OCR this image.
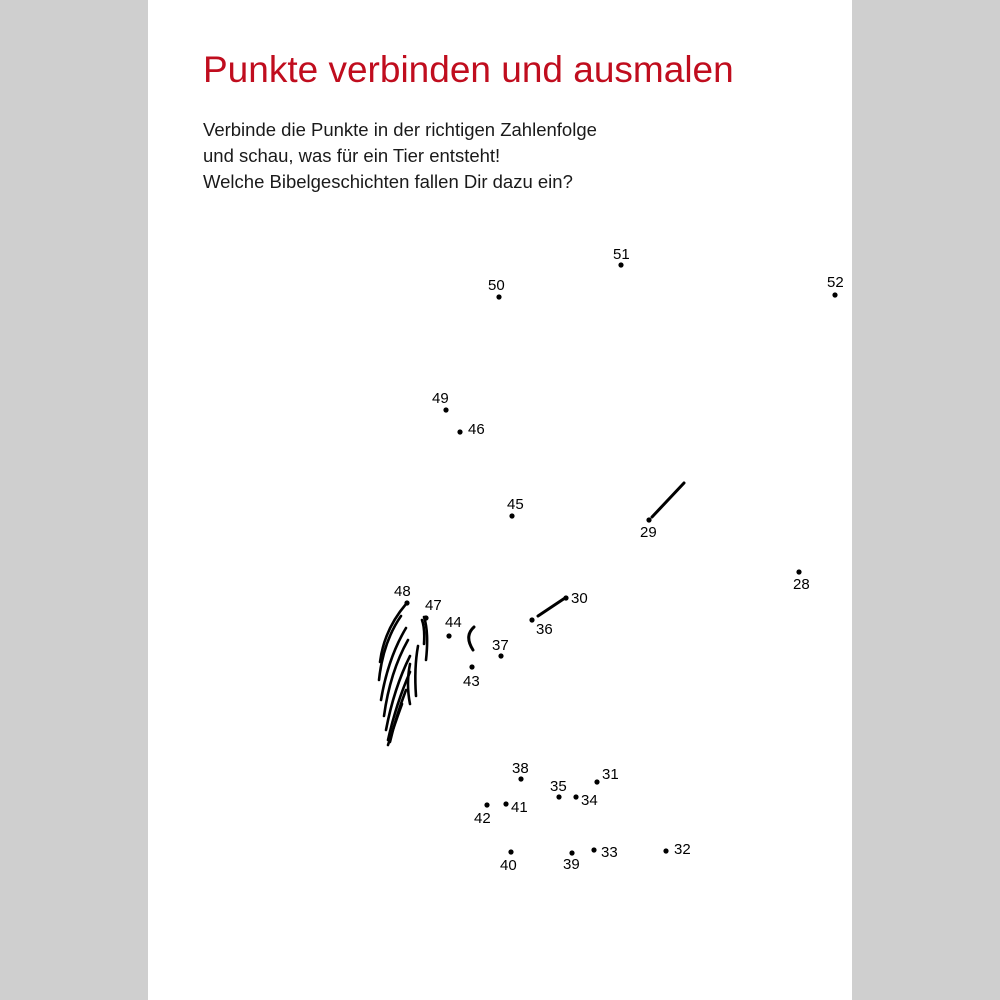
Punkte verbinden und ausmalen
Verbinde die Punkte in der richtigen Zahlenfolge
und schau, was für ein Tier entsteht!
Welche Bibelgeschichten fallen Dir dazu ein?
28
29
30
31
32
33
34
35
36
37
38
39
40
41
42
43
44
45
46
47
48
49
50
51
52
